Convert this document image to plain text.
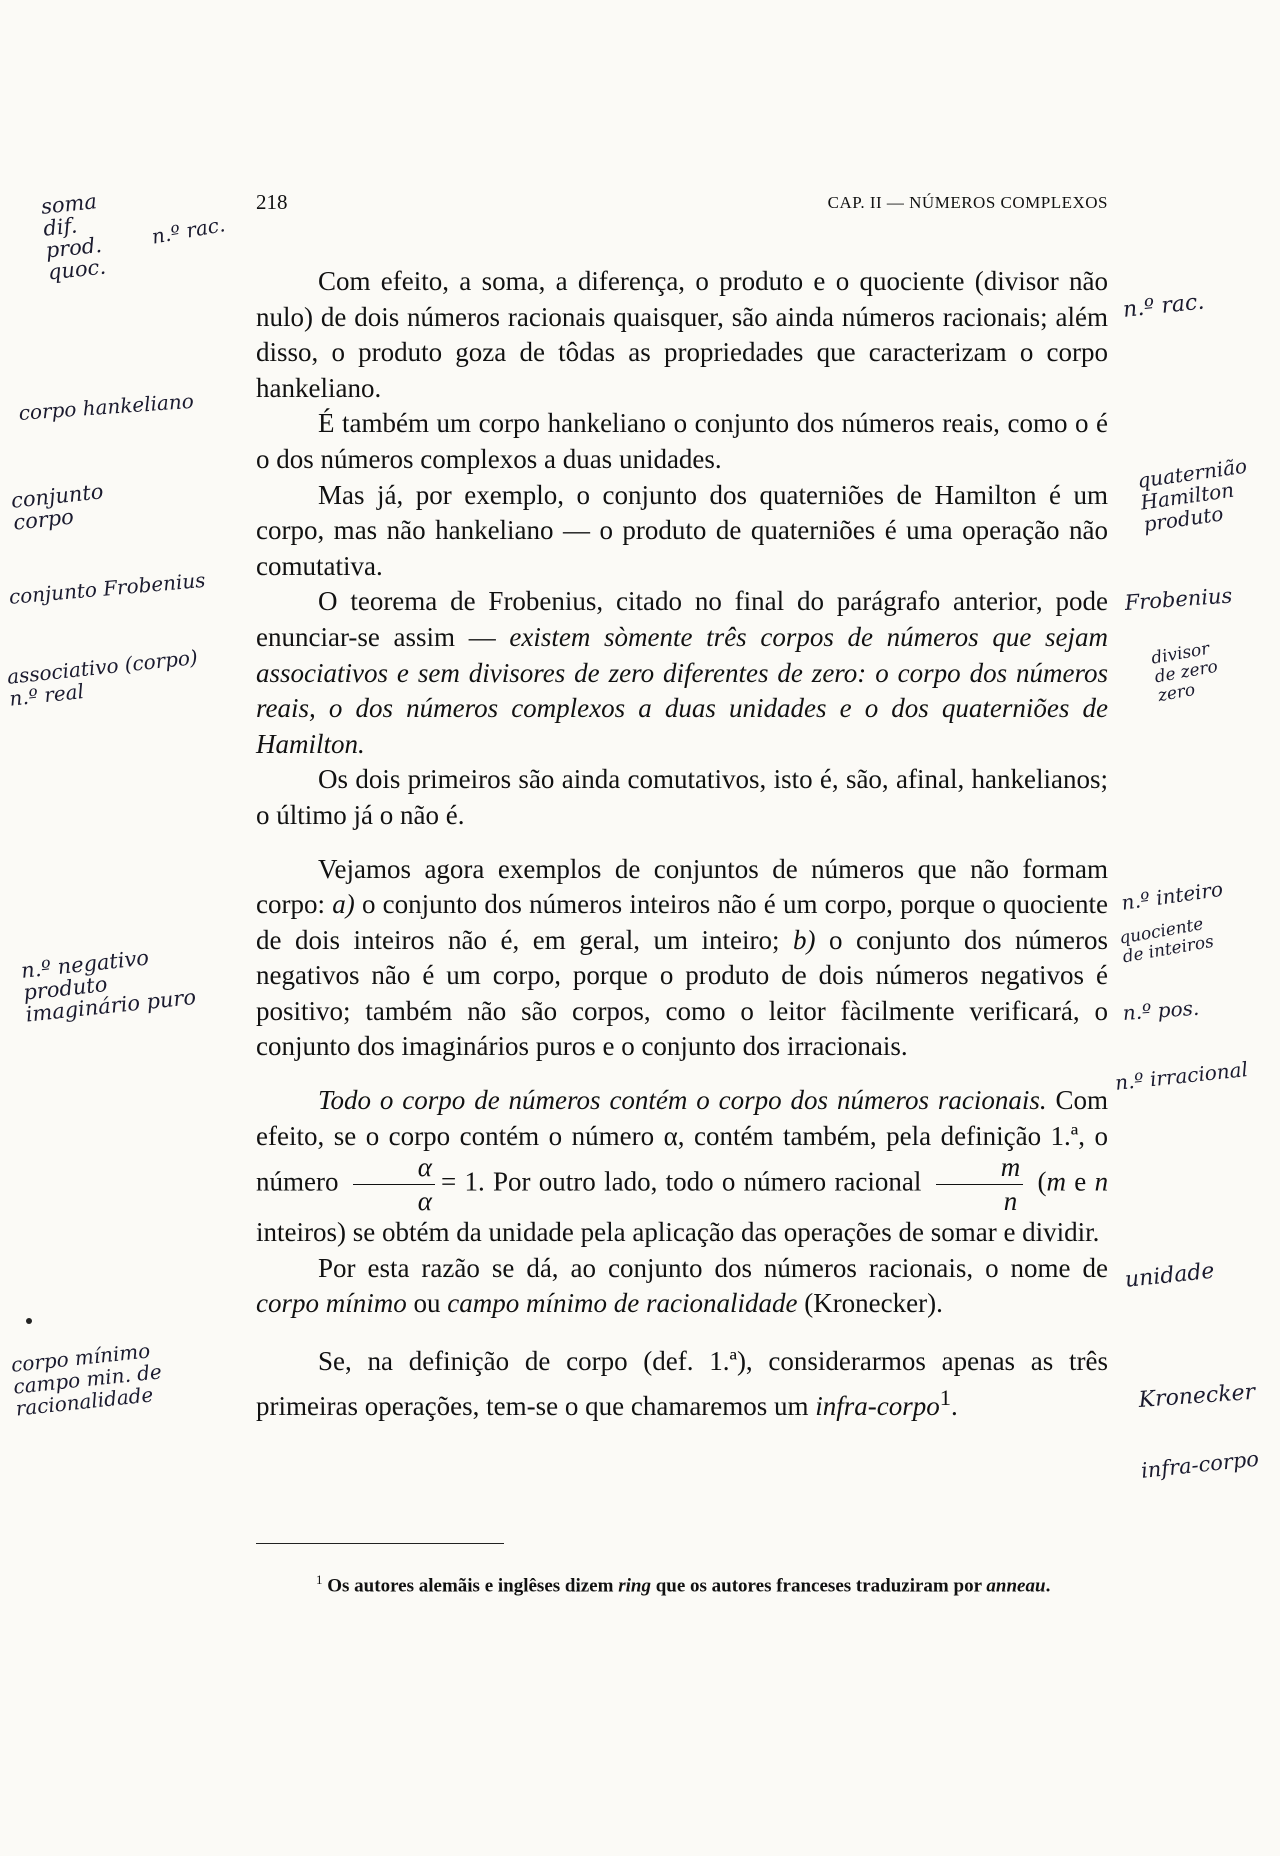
218	CAP. II — NÚMEROS COMPLEXOS

Com efeito, a soma, a diferença, o produto e o quociente (divisor não nulo) de dois números racionais quaisquer, são ainda números racionais; além disso, o produto goza de tôdas as propriedades que caracterizam o corpo hankeliano.

É também um corpo hankeliano o conjunto dos números reais, como o é o dos números complexos a duas unidades.

Mas já, por exemplo, o conjunto dos quaterniões de Hamilton é um corpo, mas não hankeliano — o produto de quaterniões é uma operação não comutativa.

O teorema de Frobenius, citado no final do parágrafo anterior, pode enunciar-se assim — existem sòmente três corpos de números que sejam associativos e sem divisores de zero diferentes de zero: o corpo dos números reais, o dos números complexos a duas unidades e o dos quaterniões de Hamilton.

Os dois primeiros são ainda comutativos, isto é, são, afinal, hankelianos; o último já o não é.

Vejamos agora exemplos de conjuntos de números que não formam corpo: a) o conjunto dos números inteiros não é um corpo, porque o quociente de dois inteiros não é, em geral, um inteiro; b) o conjunto dos números negativos não é um corpo, porque o produto de dois números negativos é positivo; também não são corpos, como o leitor fàcilmente verificará, o conjunto dos imaginários puros e o conjunto dos irracionais.

Todo o corpo de números contém o corpo dos números racionais. Com efeito, se o corpo contém o número α, contém também, pela definição 1.ª, o número $\frac{\alpha}{\alpha} = 1$. Por outro lado, todo o número racional $\frac{m}{n} (m$ e n inteiros) se obtém da unidade pela aplicação das operações de somar e dividir.

Por esta razão se dá, ao conjunto dos números racionais, o nome de corpo mínimo ou campo mínimo de racionalidade (Kronecker).

Se, na definição de corpo (def. 1.ª), considerarmos apenas as três primeiras operações, tem-se o que chamaremos um infra-corpo$^1$.

$^1$ Os autores alemãis e inglêses dizem ring que os autores franceses traduziram por anneau.
soma
dif.
prod.
quoc.
n.º rac.
corpo hankeliano
conjunto
corpo
conjunto Frobenius
associativo (corpo)
n.º real
n.º negativo
produto
imaginário puro
corpo mínimo
campo min. de
racionalidade
n.º rac.
quaternião
Hamilton
produto
Frobenius
divisor
de zero
zero
n.º inteiro
quociente
de inteiros
n.º pos.
n.º irracional
unidade
Kronecker
infra-corpo
